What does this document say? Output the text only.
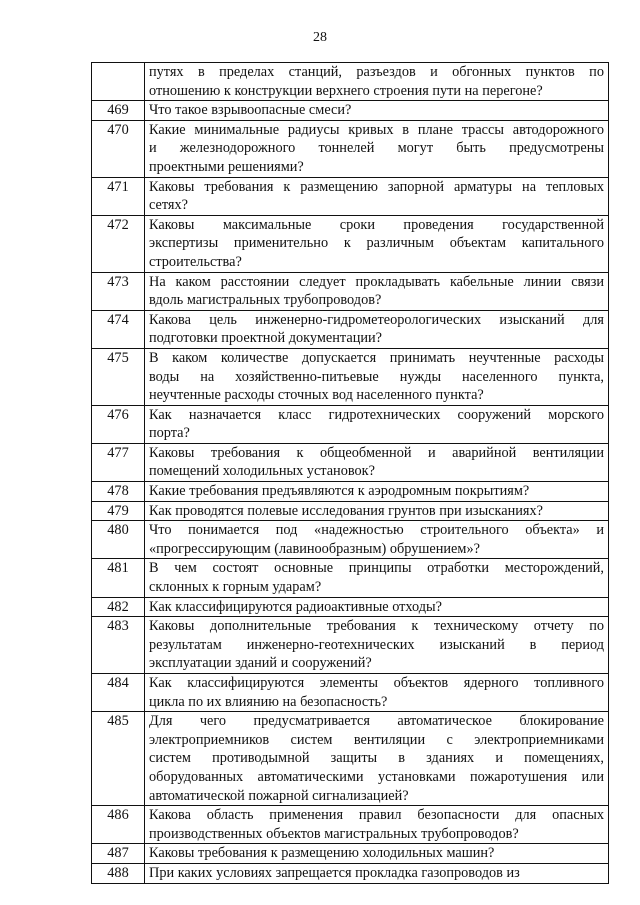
28

	путях в пределах станций, разъездов и обгонных пунктов по
отношению к конструкции верхнего строения пути на перегоне?

469	Что такое взрывоопасные смеси?

470	Какие минимальные радиусы кривых в плане трассы автодорожного
и железнодорожного тоннелей могут быть предусмотрены
проектными решениями?

471	Каковы требования к размещению запорной арматуры на тепловых
сетях?

472	Каковы максимальные сроки проведения государственной
экспертизы применительно к различным объектам капитального
строительства?

473	На каком расстоянии следует прокладывать кабельные линии связи
вдоль магистральных трубопроводов?

474	Какова цель инженерно-гидрометеорологических изысканий для
подготовки проектной документации?

475	В каком количестве допускается принимать неучтенные расходы
воды на хозяйственно-питьевые нужды населенного пункта,
неучтенные расходы сточных вод населенного пункта?

476	Как назначается класс гидротехнических сооружений морского
порта?

477	Каковы требования к общеобменной и аварийной вентиляции
помещений холодильных установок?

478	Какие требования предъявляются к аэродромным покрытиям?

479	Как проводятся полевые исследования грунтов при изысканиях?

480	Что понимается под «надежностью строительного объекта» и
«прогрессирующим (лавинообразным) обрушением»?

481	В чем состоят основные принципы отработки месторождений,
склонных к горным ударам?

482	Как классифицируются радиоактивные отходы?

483	Каковы дополнительные требования к техническому отчету по
результатам инженерно-геотехнических изысканий в период
эксплуатации зданий и сооружений?

484	Как классифицируются элементы объектов ядерного топливного
цикла по их влиянию на безопасность?

485	Для чего предусматривается автоматическое блокирование
электроприемников систем вентиляции с электроприемниками
систем противодымной защиты в зданиях и помещениях,
оборудованных автоматическими установками пожаротушения или
автоматической пожарной сигнализацией?

486	Какова область применения правил безопасности для опасных
производственных объектов магистральных трубопроводов?

487	Каковы требования к размещению холодильных машин?

488	При каких условиях запрещается прокладка газопроводов из
